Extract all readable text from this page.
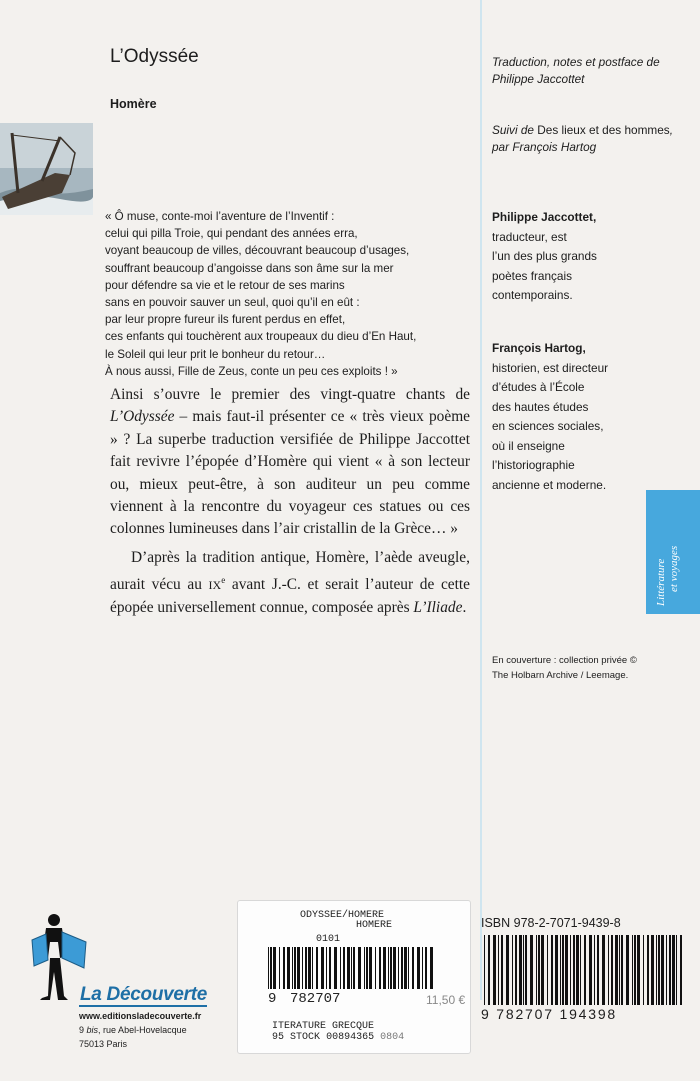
L’Odyssée
Homère
« Ô muse, conte-moi l’aventure de l’Inventif :
celui qui pilla Troie, qui pendant des années erra,
voyant beaucoup de villes, découvrant beaucoup d’usages,
souffrant beaucoup d’angoisse dans son âme sur la mer
pour défendre sa vie et le retour de ses marins
sans en pouvoir sauver un seul, quoi qu’il en eût :
par leur propre fureur ils furent perdus en effet,
ces enfants qui touchèrent aux troupeaux du dieu d’En Haut,
le Soleil qui leur prit le bonheur du retour…
À nous aussi, Fille de Zeus, conte un peu ces exploits ! »

Ainsi s’ouvre le premier des vingt-quatre chants de L’Odyssée – mais faut-il présenter ce « très vieux poème » ? La superbe traduction versifiée de Philippe Jaccottet fait revivre l’épopée d’Homère qui vient « à son lecteur ou, mieux peut-être, à son auditeur un peu comme viennent à la rencontre du voyageur ces statues ou ces colonnes lumineuses dans l’air cristallin de la Grèce… »

D’après la tradition antique, Homère, l’aède aveugle, aurait vécu au IXe avant J.-C. et serait l’auteur de cette épopée universellement connue, composée après L’Iliade.

Traduction, notes et postface de Philippe Jaccottet
Suivi de Des lieux et des hommes, par François Hartog

Philippe Jaccottet,

traducteur, est

l’un des plus grands

poètes français

contemporains.

François Hartog,

historien, est directeur

d’études à l’École

des hautes études

en sciences sociales,

où il enseigne

l’historiographie

ancienne et moderne.

Littérature et voyages
En couverture : collection privée © The Holbarn Archive / Leemage.
La Découverte
www.editionsladecouverte.fr
9 bis, rue Abel-Hovelacque
75013 Paris
ODYSSEE/HOMERE
HOMERE
0101
9 782707	11,50 €
ITERATURE GRECQUE
95 STOCK 00894365 0804
ISBN 978-2-7071-9439-8
9 782707 194398
